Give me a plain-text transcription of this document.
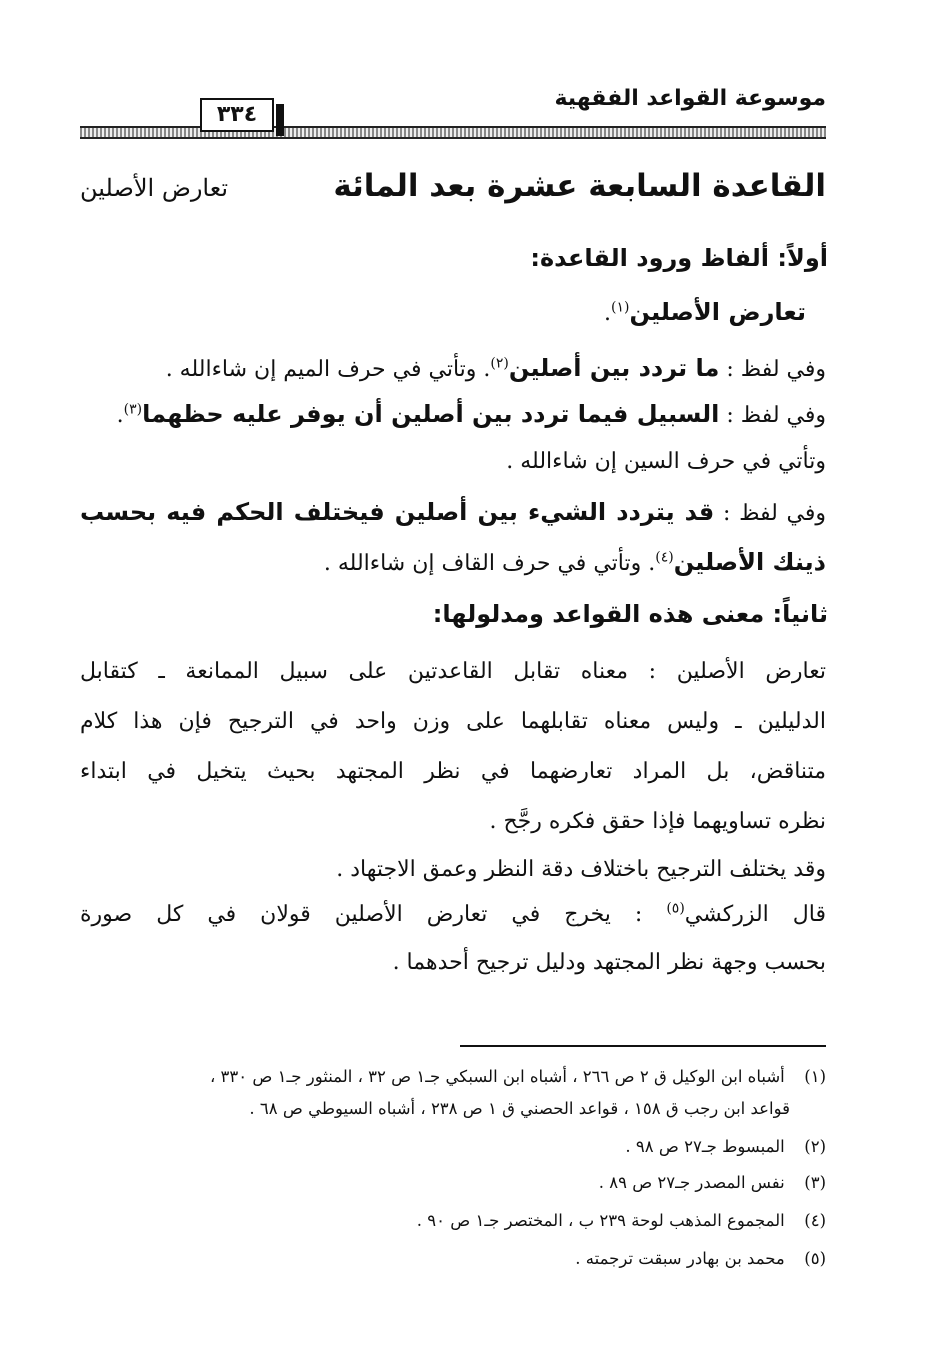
موسوعة القواعد الفقهية
٣٣٤
القاعدة السابعة عشرة بعد المائة
تعارض الأصلين
أولاً: ألفاظ ورود القاعدة:
تعارض الأصلين$^{(١)}$.
وفي لفظ : ما تردد بين أصلين$^{(٢)}$. وتأتي في حرف الميم إن شاءالله .
وفي لفظ : السبيل فيما تردد بين أصلين أن يوفر عليه حظهما$^{(٣)}$.
وتأتي في حرف السين إن شاءالله .
وفي لفظ : قد يتردد الشيء بين أصلين فيختلف الحكم فيه بحسب
ذينك الأصلين$^{(٤)}$. وتأتي في حرف القاف إن شاءالله .
ثانياً: معنى هذه القواعد ومدلولها:
تعارض الأصلين : معناه تقابل القاعدتين على سبيل الممانعة ـ كتقابل
الدليلين ـ وليس معناه تقابلهما على وزن واحد في الترجيح فإن هذا كلام
متناقض، بل المراد تعارضهما في نظر المجتهد بحيث يتخيل في ابتداء
نظره تساويهما فإذا حقق فكره رجَّح .
وقد يختلف الترجيح باختلاف دقة النظر وعمق الاجتهاد .
قال الزركشي$^{(٥)}$ : يخرج في تعارض الأصلين قولان في كل صورة
بحسب وجهة نظر المجتهد ودليل ترجيح أحدهما .
(١) أشباه ابن الوكيل ق ٢ ص ٢٦٦ ، أشباه ابن السبكي جـ١ ص ٣٢ ، المنثور جـ١ ص ٣٣٠ ،
قواعد ابن رجب ق ١٥٨ ، قواعد الحصني ق ١ ص ٢٣٨ ، أشباه السيوطي ص ٦٨ .
(٢) المبسوط جـ٢٧ ص ٩٨ .
(٣) نفس المصدر جـ٢٧ ص ٨٩ .
(٤) المجموع المذهب لوحة ٢٣٩ ب ، المختصر جـ١ ص ٩٠ .
(٥) محمد بن بهادر سبقت ترجمته .
